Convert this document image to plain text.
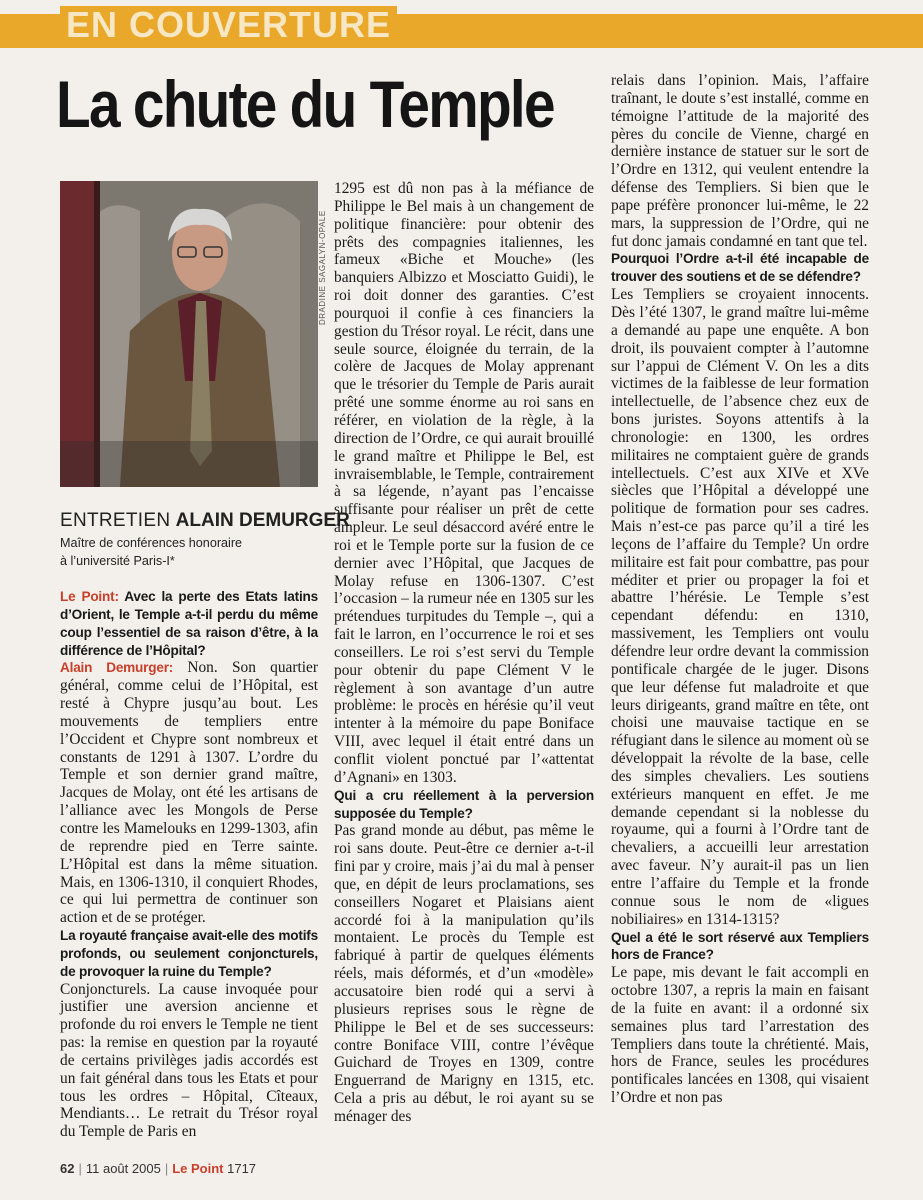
EN COUVERTURE
La chute du Temple
DRADINE SAGALYN-OPALE
ENTRETIEN ALAIN DEMURGER
Maître de conférences honoraire
à l’université Paris-I*

Le Point: Avec la perte des Etats latins d’Orient, le Temple a-t-il perdu du même coup l’essentiel de sa raison d’être, à la différence de l’Hôpital?

Alain Demurger: Non. Son quartier général, comme celui de l’Hôpital, est resté à Chypre jusqu’au bout. Les mouvements de templiers entre l’Occident et Chypre sont nombreux et constants de 1291 à 1307. L’ordre du Temple et son dernier grand maître, Jacques de Molay, ont été les artisans de l’alliance avec les Mongols de Perse contre les Mamelouks en 1299-1303, afin de reprendre pied en Terre sainte. L’Hôpital est dans la même situation. Mais, en 1306-1310, il conquiert Rhodes, ce qui lui permettra de continuer son action et de se protéger.

La royauté française avait-elle des motifs profonds, ou seulement conjoncturels, de provoquer la ruine du Temple?

Conjoncturels. La cause invoquée pour justifier une aversion ancienne et profonde du roi envers le Temple ne tient pas: la remise en question par la royauté de certains privilèges jadis accordés est un fait général dans tous les Etats et pour tous les ordres – Hôpital, Cîteaux, Mendiants… Le retrait du Trésor royal du Temple de Paris en

1295 est dû non pas à la méfiance de Philippe le Bel mais à un changement de politique financière: pour obtenir des prêts des compagnies italiennes, les fameux «Biche et Mouche» (les banquiers Albizzo et Mosciatto Guidi), le roi doit donner des garanties. C’est pourquoi il confie à ces financiers la gestion du Trésor royal. Le récit, dans une seule source, éloignée du terrain, de la colère de Jacques de Molay apprenant que le trésorier du Temple de Paris aurait prêté une somme énorme au roi sans en référer, en violation de la règle, à la direction de l’Ordre, ce qui aurait brouillé le grand maître et Philippe le Bel, est invraisemblable, le Temple, contrairement à sa légende, n’ayant pas l’encaisse suffisante pour réaliser un prêt de cette ampleur. Le seul désaccord avéré entre le roi et le Temple porte sur la fusion de ce dernier avec l’Hôpital, que Jacques de Molay refuse en 1306-1307. C’est l’occasion – la rumeur née en 1305 sur les prétendues turpitudes du Temple –, qui a fait le larron, en l’occurrence le roi et ses conseillers. Le roi s’est servi du Temple pour obtenir du pape Clément V le règlement à son avantage d’un autre problème: le procès en hérésie qu’il veut intenter à la mémoire du pape Boniface VIII, avec lequel il était entré dans un conflit violent ponctué par l’«attentat d’Agnani» en 1303.

Qui a cru réellement à la perversion supposée du Temple?

Pas grand monde au début, pas même le roi sans doute. Peut-être ce dernier a-t-il fini par y croire, mais j’ai du mal à penser que, en dépit de leurs proclamations, ses conseillers Nogaret et Plaisians aient accordé foi à la manipulation qu’ils montaient. Le procès du Temple est fabriqué à partir de quelques éléments réels, mais déformés, et d’un «modèle» accusatoire bien rodé qui a servi à plusieurs reprises sous le règne de Philippe le Bel et de ses successeurs: contre Boniface VIII, contre l’évêque Guichard de Troyes en 1309, contre Enguerrand de Marigny en 1315, etc. Cela a pris au début, le roi ayant su se ménager des

relais dans l’opinion. Mais, l’affaire traînant, le doute s’est installé, comme en témoigne l’attitude de la majorité des pères du concile de Vienne, chargé en dernière instance de statuer sur le sort de l’Ordre en 1312, qui veulent entendre la défense des Templiers. Si bien que le pape préfère prononcer lui-même, le 22 mars, la suppression de l’Ordre, qui ne fut donc jamais condamné en tant que tel.

Pourquoi l’Ordre a-t-il été incapable de trouver des soutiens et de se défendre?

Les Templiers se croyaient innocents. Dès l’été 1307, le grand maître lui-même a demandé au pape une enquête. A bon droit, ils pouvaient compter à l’automne sur l’appui de Clément V. On les a dits victimes de la faiblesse de leur formation intellectuelle, de l’absence chez eux de bons juristes. Soyons attentifs à la chronologie: en 1300, les ordres militaires ne comptaient guère de grands intellectuels. C’est aux XIVe et XVe siècles que l’Hôpital a développé une politique de formation pour ses cadres. Mais n’est-ce pas parce qu’il a tiré les leçons de l’affaire du Temple? Un ordre militaire est fait pour combattre, pas pour méditer et prier ou propager la foi et abattre l’hérésie. Le Temple s’est cependant défendu: en 1310, massivement, les Templiers ont voulu défendre leur ordre devant la commission pontificale chargée de le juger. Disons que leur défense fut maladroite et que leurs dirigeants, grand maître en tête, ont choisi une mauvaise tactique en se réfugiant dans le silence au moment où se développait la révolte de la base, celle des simples chevaliers. Les soutiens extérieurs manquent en effet. Je me demande cependant si la noblesse du royaume, qui a fourni à l’Ordre tant de chevaliers, a accueilli leur arrestation avec faveur. N’y aurait-il pas un lien entre l’affaire du Temple et la fronde connue sous le nom de «ligues nobiliaires» en 1314-1315?

Quel a été le sort réservé aux Templiers hors de France?

Le pape, mis devant le fait accompli en octobre 1307, a repris la main en faisant de la fuite en avant: il a ordonné six semaines plus tard l’arrestation des Templiers dans toute la chrétienté. Mais, hors de France, seules les procédures pontificales lancées en 1308, qui visaient l’Ordre et non pas

62 | 11 août 2005 | Le Point 1717
